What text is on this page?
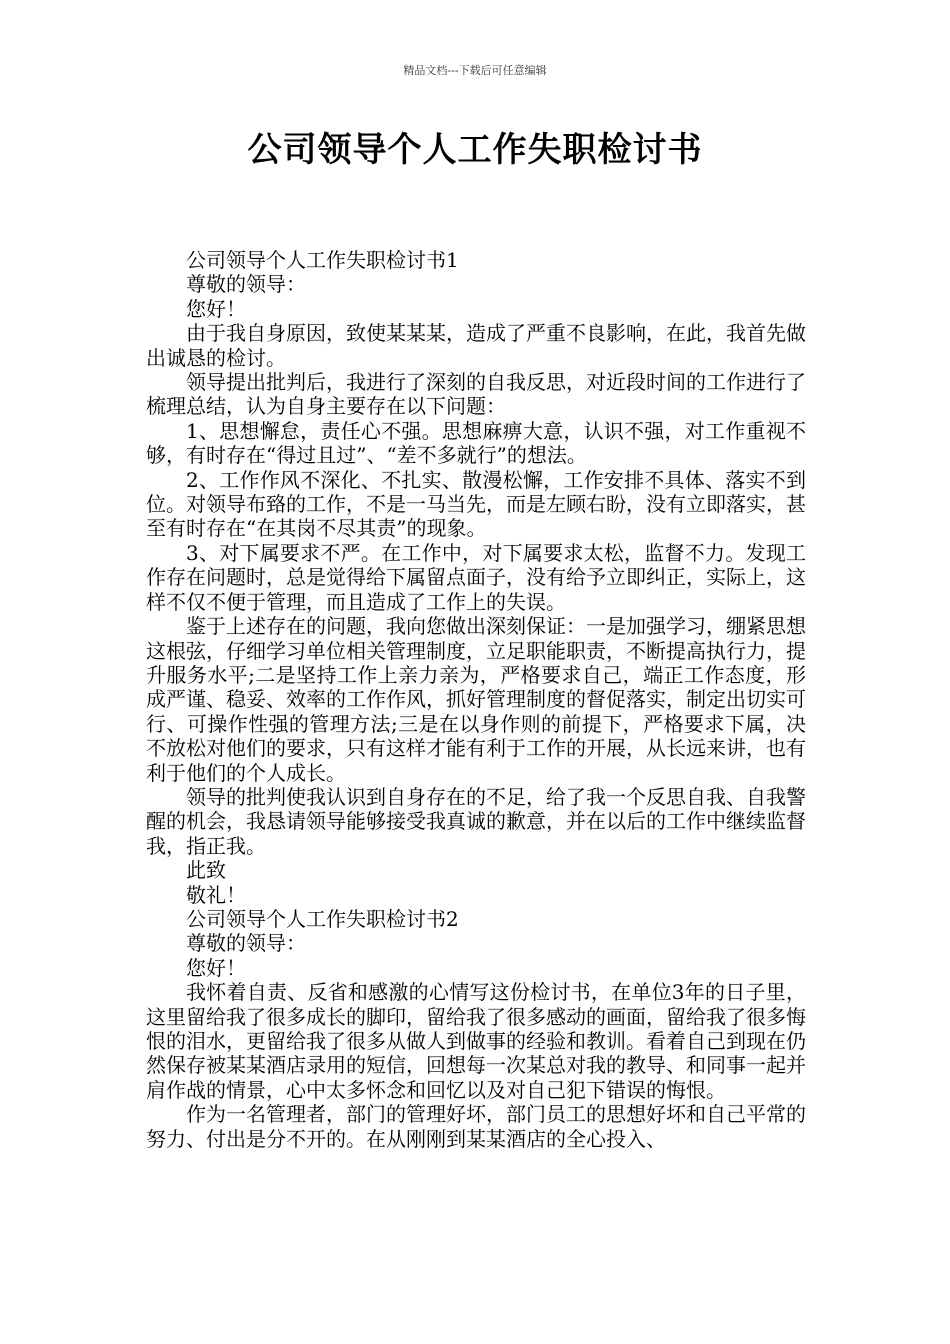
精品文档---下载后可任意编辑
公司领导个人工作失职检讨书

公司领导个人工作失职检讨书1

尊敬的领导：

您好！

由于我自身原因，致使某某某，造成了严重不良影响，在此，我首先做出诚恳的检讨。

领导提出批判后，我进行了深刻的自我反思，对近段时间的工作进行了梳理总结，认为自身主要存在以下问题：

1、思想懈怠，责任心不强。思想麻痹大意，认识不强，对工作重视不够，有时存在“得过且过”、“差不多就行”的想法。

2、工作作风不深化、不扎实、散漫松懈，工作安排不具体、落实不到位。对领导布臵的工作，不是一马当先，而是左顾右盼，没有立即落实，甚至有时存在“在其岗不尽其责”的现象。

3、对下属要求不严。在工作中，对下属要求太松，监督不力。发现工作存在问题时，总是觉得给下属留点面子，没有给予立即纠正，实际上，这样不仅不便于管理，而且造成了工作上的失误。

鉴于上述存在的问题，我向您做出深刻保证：一是加强学习，绷紧思想这根弦，仔细学习单位相关管理制度，立足职能职责，不断提高执行力，提升服务水平;二是坚持工作上亲力亲为，严格要求自己，端正工作态度，形成严谨、稳妥、效率的工作作风，抓好管理制度的督促落实，制定出切实可行、可操作性强的管理方法;三是在以身作则的前提下，严格要求下属，决不放松对他们的要求，只有这样才能有利于工作的开展，从长远来讲，也有利于他们的个人成长。

领导的批判使我认识到自身存在的不足，给了我一个反思自我、自我警醒的机会，我恳请领导能够接受我真诚的歉意，并在以后的工作中继续监督我，指正我。

此致

敬礼！

公司领导个人工作失职检讨书2

尊敬的领导：

您好！

我怀着自责、反省和感激的心情写这份检讨书，在单位3年的日子里，这里留给我了很多成长的脚印，留给我了很多感动的画面，留给我了很多悔恨的泪水，更留给我了很多从做人到做事的经验和教训。看着自己到现在仍然保存被某某酒店录用的短信，回想每一次某总对我的教导、和同事一起并肩作战的情景，心中太多怀念和回忆以及对自己犯下错误的悔恨。

作为一名管理者，部门的管理好坏，部门员工的思想好坏和自己平常的努力、付出是分不开的。在从刚刚到某某酒店的全心投入、
